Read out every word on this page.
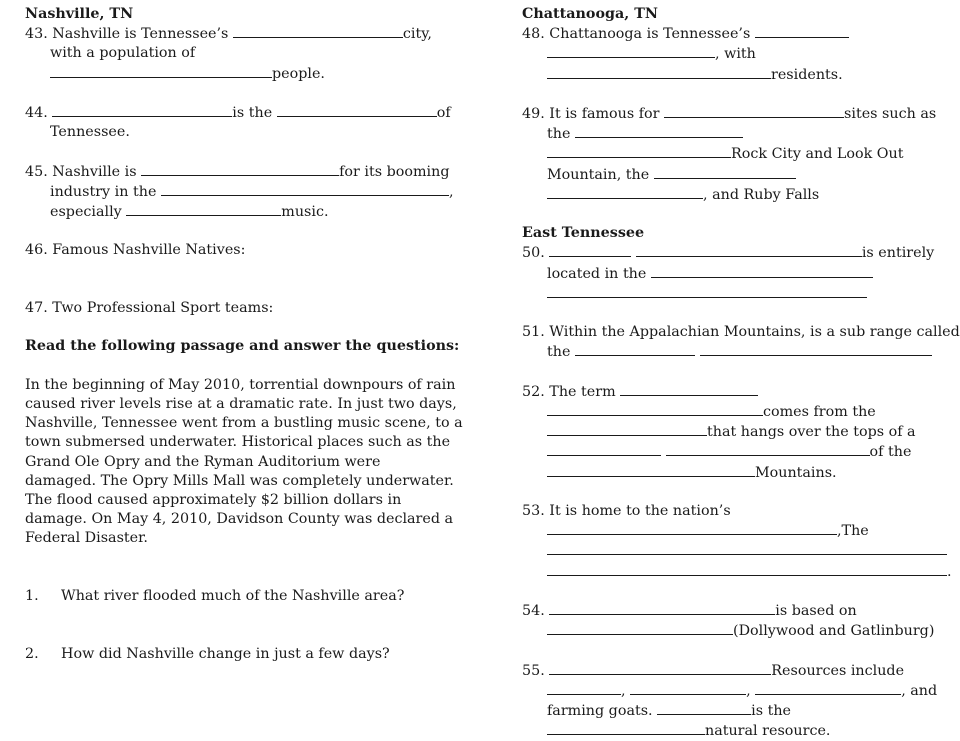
Nashville, TN
43. Nashville is Tennessee’s	city,
with a population of
people.
44.	is the	of
Tennessee.
45. Nashville is	for its booming
industry in the	,
especially	music.
46. Famous Nashville Natives:
47. Two Professional Sport teams:
Read the following passage and answer the questions:

In the beginning of May 2010, torrential downpours of rain

caused river levels rise at a dramatic rate. In just two days,

Nashville, Tennessee went from a bustling music scene, to a

town submersed underwater. Historical places such as the

Grand Ole Opry and the Ryman Auditorium were

damaged. The Opry Mills Mall was completely underwater.

The flood caused approximately $2 billion dollars in

damage. On May 4, 2010, Davidson County was declared a

Federal Disaster.

1. What river flooded much of the Nashville area?
2. How did Nashville change in just a few days?
Chattanooga, TN
48. Chattanooga is Tennessee’s
, with
residents.
49. It is famous for	sites such as
the
Rock City and Look Out
Mountain, the
, and Ruby Falls
East Tennessee
50.	is entirely
located in the
51. Within the Appalachian Mountains, is a sub range called
the
52. The term
comes from the
that hangs over the tops of a
of the
Mountains.
53. It is home to the nation’s
,The
.
54.	is based on
(Dollywood and Gatlinburg)
55.	Resources include
,	,	, and
farming goats.	is the
natural resource.
